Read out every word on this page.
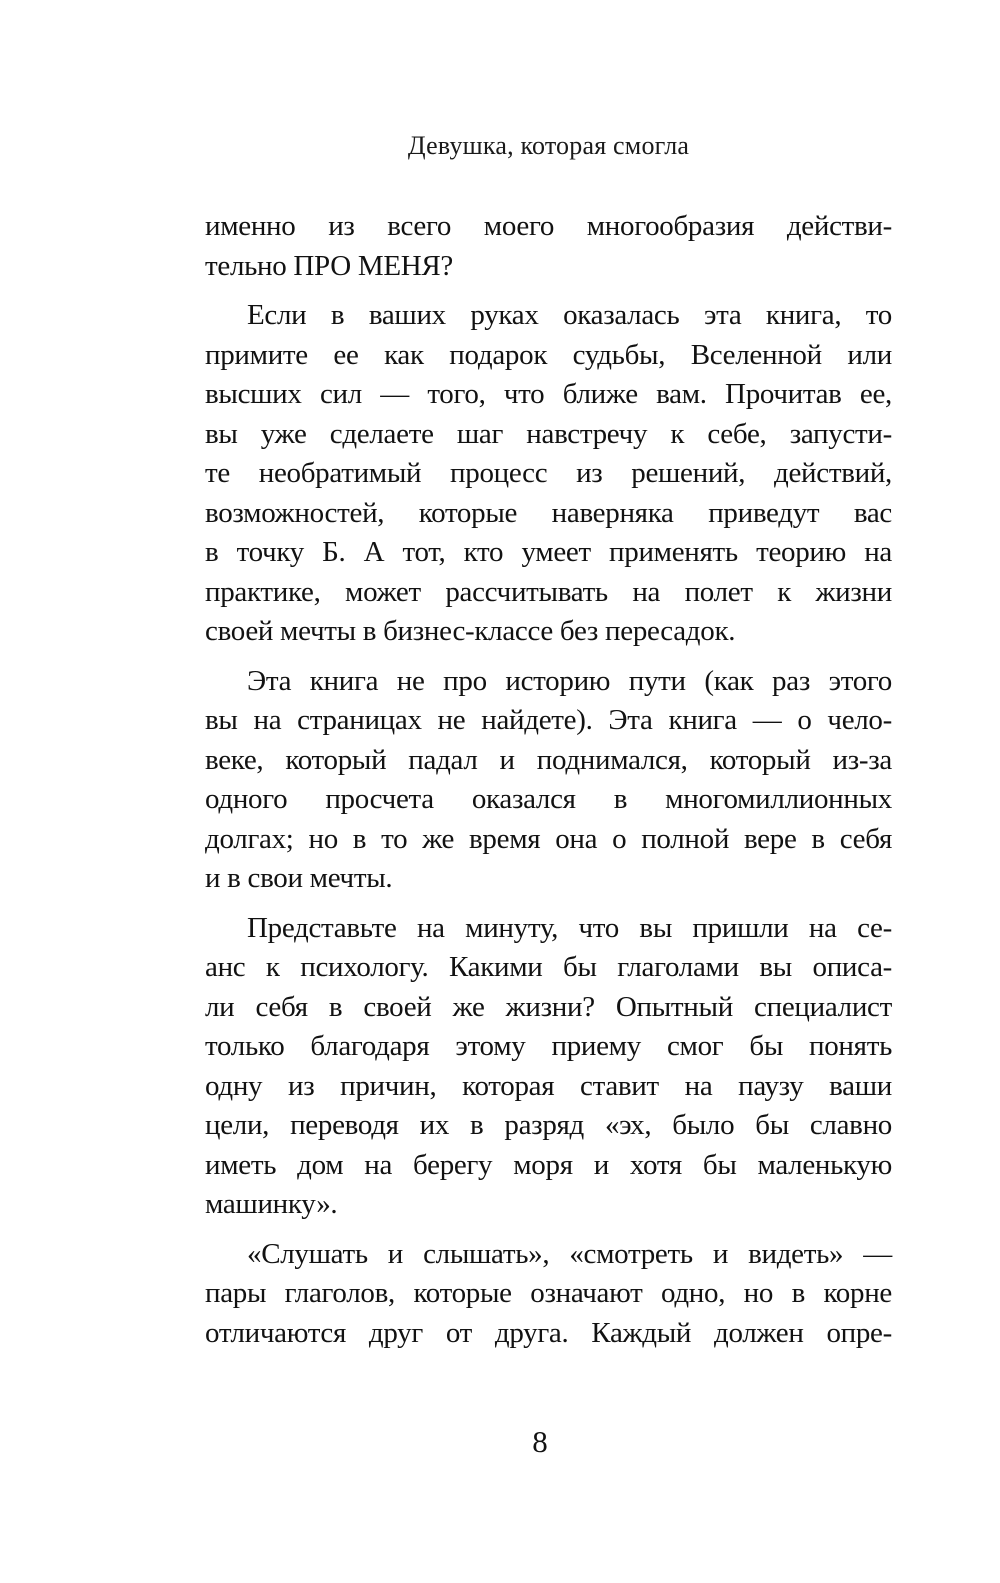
Девушка, которая смогла

именно из всего моего многообразия действи-
тельно ПРО МЕНЯ?

Если в ваших руках оказалась эта книга, то
примите ее как подарок судьбы, Вселенной или
высших сил — того, что ближе вам. Прочитав ее,
вы уже сделаете шаг навстречу к себе, запусти-
те необратимый процесс из решений, действий,
возможностей, которые наверняка приведут вас
в точку Б. А тот, кто умеет применять теорию на
практике, может рассчитывать на полет к жизни
своей мечты в бизнес-классе без пересадок.

Эта книга не про историю пути (как раз этого
вы на страницах не найдете). Эта книга — о чело-
веке, который падал и поднимался, который из-за
одного просчета оказался в многомиллионных
долгах; но в то же время она о полной вере в себя
и в свои мечты.

Представьте на минуту, что вы пришли на се-
анс к психологу. Какими бы глаголами вы описа-
ли себя в своей же жизни? Опытный специалист
только благодаря этому приему смог бы понять
одну из причин, которая ставит на паузу ваши
цели, переводя их в разряд «эх, было бы славно
иметь дом на берегу моря и хотя бы маленькую
машинку».

«Слушать и слышать», «смотреть и видеть» —
пары глаголов, которые означают одно, но в корне
отличаются друг от друга. Каждый должен опре-

8
